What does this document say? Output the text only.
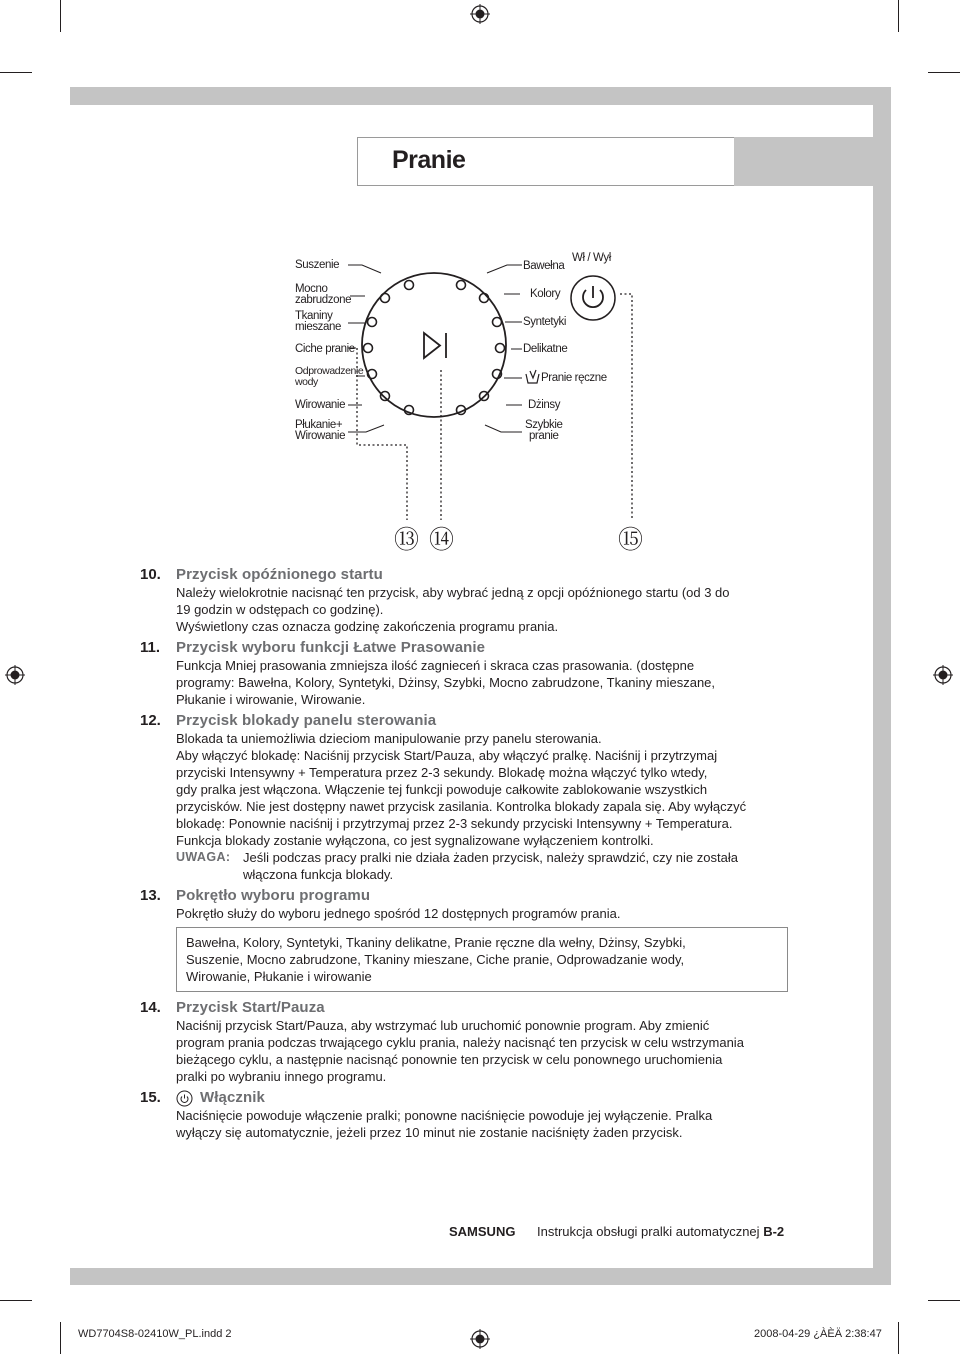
Pranie
Suszenie
Mocno
zabrudzone
Tkaniny
mieszane
Ciche pranie
Odprowadzenie
wody
Wirowanie
Płukanie+
Wirowanie
Bawełna
Kolory
Syntetyki
Delikatne
Pranie ręczne
Dżinsy
Szybkie
pranie
Wł / Wył
⑬ ⑭	⑮
10. Przycisk opóźnionego startu
Należy wielokrotnie nacisnąć ten przycisk, aby wybrać jedną z opcji opóźnionego startu (od 3 do
19 godzin w odstępach co godzinę).
Wyświetlony czas oznacza godzinę zakończenia programu prania.
11. Przycisk wyboru funkcji Łatwe Prasowanie
Funkcja Mniej prasowania zmniejsza ilość zagnieceń i skraca czas prasowania. (dostępne
programy: Bawełna, Kolory, Syntetyki, Dżinsy, Szybki, Mocno zabrudzone, Tkaniny mieszane,
Płukanie i wirowanie, Wirowanie.
12. Przycisk blokady panelu sterowania
Blokada ta uniemożliwia dzieciom manipulowanie przy panelu sterowania.
Aby włączyć blokadę: Naciśnij przycisk Start/Pauza, aby włączyć pralkę. Naciśnij i przytrzymaj
przyciski Intensywny + Temperatura przez 2-3 sekundy. Blokadę można włączyć tylko wtedy,
gdy pralka jest włączona. Włączenie tej funkcji powoduje całkowite zablokowanie wszystkich
przycisków. Nie jest dostępny nawet przycisk zasilania. Kontrolka blokady zapala się. Aby wyłączyć
blokadę: Ponownie naciśnij i przytrzymaj przez 2-3 sekundy przyciski Intensywny + Temperatura.
Funkcja blokady zostanie wyłączona, co jest sygnalizowane wyłączeniem kontrolki.
UWAGA: Jeśli podczas pracy pralki nie działa żaden przycisk, należy sprawdzić, czy nie została
włączona funkcja blokady.
13. Pokrętło wyboru programu
Pokrętło służy do wyboru jednego spośród 12 dostępnych programów prania.
Bawełna, Kolory, Syntetyki, Tkaniny delikatne, Pranie ręczne dla wełny, Dżinsy, Szybki,
Suszenie, Mocno zabrudzone, Tkaniny mieszane, Ciche pranie, Odprowadzanie wody,
Wirowanie, Płukanie i wirowanie
14. Przycisk Start/Pauza
Naciśnij przycisk Start/Pauza, aby wstrzymać lub uruchomić ponownie program. Aby zmienić
program prania podczas trwającego cyklu prania, należy nacisnąć ten przycisk w celu wstrzymania
bieżącego cyklu, a następnie nacisnąć ponownie ten przycisk w celu ponownego uruchomienia
pralki po wybraniu innego programu.
15.	Włącznik
Naciśnięcie powoduje włączenie pralki; ponowne naciśnięcie powoduje jej wyłączenie. Pralka
wyłączy się automatycznie, jeżeli przez 10 minut nie zostanie naciśnięty żaden przycisk.
SAMSUNG Instrukcja obsługi pralki automatycznej B-2
WD7704S8-02410W_PL.indd 2	2008-04-29 ¿ÀÈÄ 2:38:47
